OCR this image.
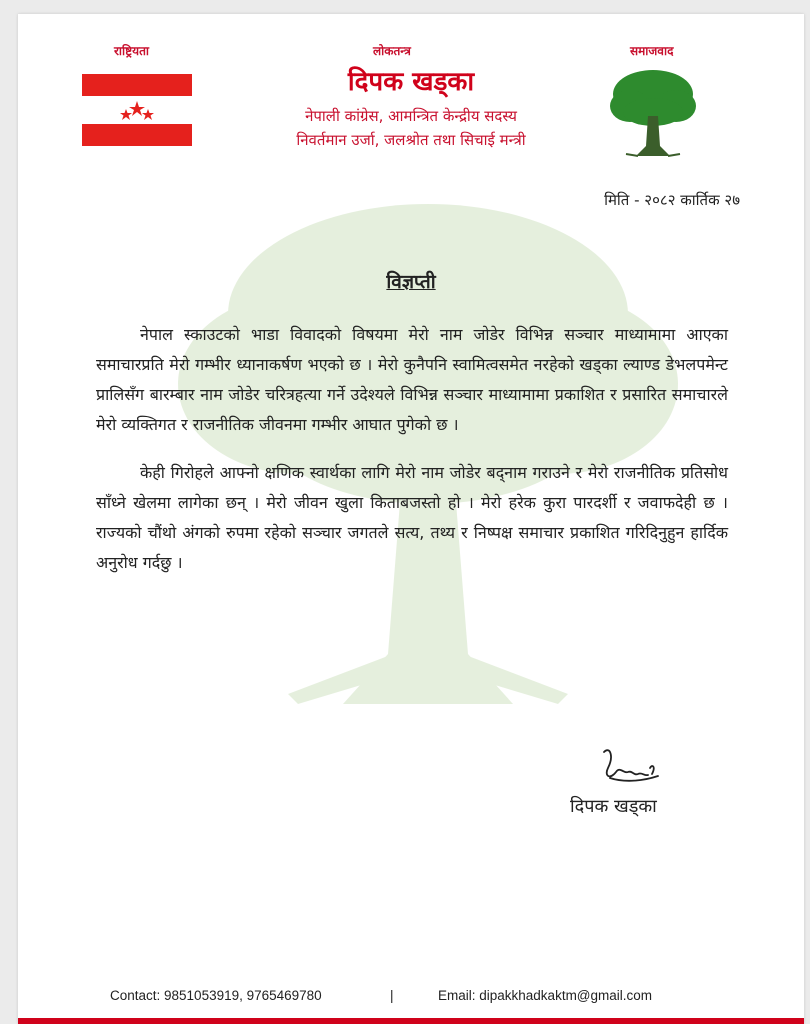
राष्ट्रियता	लोकतन्त्र	समाजवाद
दिपक खड्का
नेपाली कांग्रेस, आमन्त्रित केन्द्रीय सदस्य
निवर्तमान उर्जा, जलश्रोत तथा सिचाई मन्त्री
मिति - २०८२ कार्तिक २७
विज्ञप्ती

नेपाल स्काउटको भाडा विवादको विषयमा मेरो नाम जोडेर विभिन्न सञ्चार माध्यामामा आएका समाचारप्रति मेरो गम्भीर ध्यानाकर्षण भएको छ । मेरो कुनैपनि स्वामित्वसमेत नरहेको खड्का ल्याण्ड डेभलपमेन्ट प्रालिसँग बारम्बार नाम जोडेर चरित्रहत्या गर्ने उदेश्यले विभिन्न सञ्चार माध्यामामा प्रकाशित र प्रसारित समाचारले मेरो व्यक्तिगत र राजनीतिक जीवनमा गम्भीर आघात पुगेको छ ।

केही गिरोहले आफ्नो क्षणिक स्वार्थका लागि मेरो नाम जोडेर बद्नाम गराउने र मेरो राजनीतिक प्रतिसोध साँध्ने खेलमा लागेका छन् । मेरो जीवन खुला किताबजस्तो हो । मेरो हरेक कुरा पारदर्शी र जवाफदेही छ । राज्यको चौंथो अंगको रुपमा रहेको सञ्चार जगतले सत्य, तथ्य र निष्पक्ष समाचार प्रकाशित गरिदिनुहुन हार्दिक अनुरोध गर्दछु ।

दिपक खड्का
Contact: 9851053919, 9765469780	|	Email: dipakkhadkaktm@gmail.com
